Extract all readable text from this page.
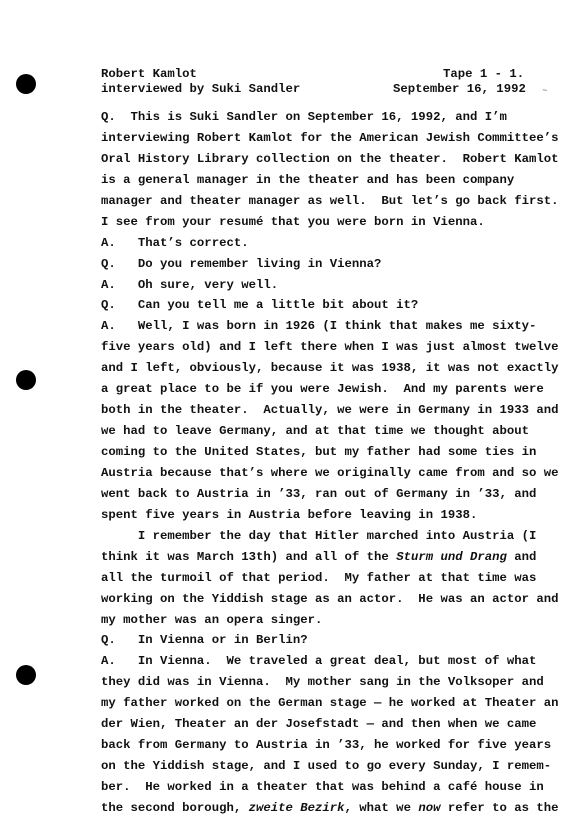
Robert Kamlot
interviewed by Suki Sandler
Tape 1 - 1.
September 16, 1992 ~
Q.  This is Suki Sandler on September 16, 1992, and I’m
interviewing Robert Kamlot for the American Jewish Committee’s
Oral History Library collection on the theater.  Robert Kamlot
is a general manager in the theater and has been company
manager and theater manager as well.  But let’s go back first.
I see from your resumé that you were born in Vienna.
A.   That’s correct.
Q.   Do you remember living in Vienna?
A.   Oh sure, very well.
Q.   Can you tell me a little bit about it?
A.   Well, I was born in 1926 (I think that makes me sixty-
five years old) and I left there when I was just almost twelve
and I left, obviously, because it was 1938, it was not exactly
a great place to be if you were Jewish.  And my parents were
both in the theater.  Actually, we were in Germany in 1933 and
we had to leave Germany, and at that time we thought about
coming to the United States, but my father had some ties in
Austria because that’s where we originally came from and so we
went back to Austria in ’33, ran out of Germany in ’33, and
spent five years in Austria before leaving in 1938.
I remember the day that Hitler marched into Austria (I
think it was March 13th) and all of the Sturm und Drang and
all the turmoil of that period.  My father at that time was
working on the Yiddish stage as an actor.  He was an actor and
my mother was an opera singer.
Q.   In Vienna or in Berlin?
A.   In Vienna.  We traveled a great deal, but most of what
they did was in Vienna.  My mother sang in the Volksoper and
my father worked on the German stage — he worked at Theater an
der Wien, Theater an der Josefstadt — and then when we came
back from Germany to Austria in ’33, he worked for five years
on the Yiddish stage, and I used to go every Sunday, I remem-
ber.  He worked in a theater that was behind a café house in
the second borough, zweite Bezirk, what we now refer to as the
